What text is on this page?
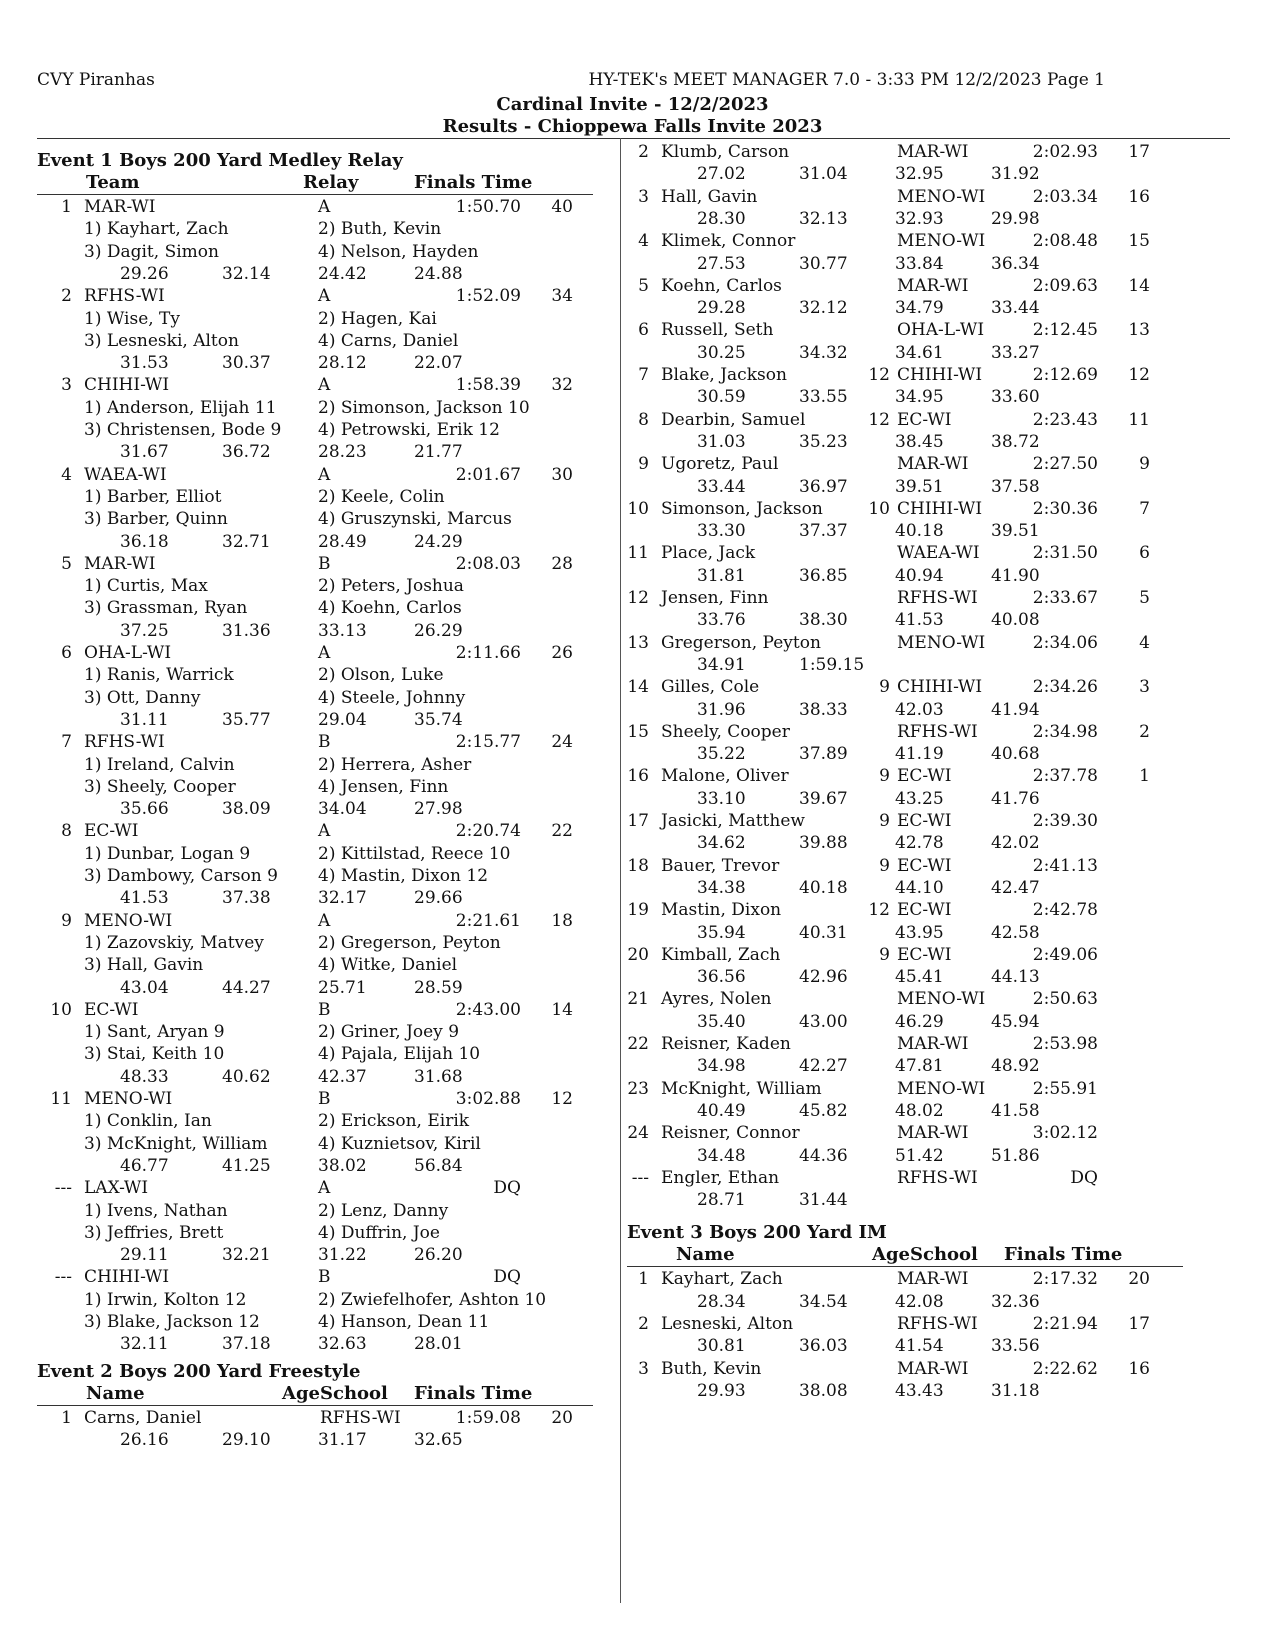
CVY Piranhas	HY-TEK's MEET MANAGER 7.0 - 3:33 PM 12/2/2023 Page 1
Cardinal Invite - 12/2/2023
Results - Chioppewa Falls Invite 2023
Event 1 Boys 200 Yard Medley Relay
Team	Relay	Finals Time
1 MAR-WI	A	1:50.70 40
1) Kayhart, Zach	2) Buth, Kevin
3) Dagit, Simon	4) Nelson, Hayden
29.26	32.14	24.42	24.88
2 RFHS-WI	A	1:52.09 34
1) Wise, Ty	2) Hagen, Kai
3) Lesneski, Alton	4) Carns, Daniel
31.53	30.37	28.12	22.07
3 CHIHI-WI	A	1:58.39 32
1) Anderson, Elijah 11 2) Simonson, Jackson 10
3) Christensen, Bode 9 4) Petrowski, Erik 12
31.67	36.72	28.23	21.77
4 WAEA-WI	A	2:01.67 30
1) Barber, Elliot	2) Keele, Colin
3) Barber, Quinn	4) Gruszynski, Marcus
36.18	32.71	28.49	24.29
5 MAR-WI	B	2:08.03 28
1) Curtis, Max	2) Peters, Joshua
3) Grassman, Ryan	4) Koehn, Carlos
37.25	31.36	33.13	26.29
6 OHA-L-WI	A	2:11.66 26
1) Ranis, Warrick	2) Olson, Luke
3) Ott, Danny	4) Steele, Johnny
31.11	35.77	29.04	35.74
7 RFHS-WI	B	2:15.77 24
1) Ireland, Calvin	2) Herrera, Asher
3) Sheely, Cooper	4) Jensen, Finn
35.66	38.09	34.04	27.98
8 EC-WI	A	2:20.74 22
1) Dunbar, Logan 9	2) Kittilstad, Reece 10
3) Dambowy, Carson 9 4) Mastin, Dixon 12
41.53	37.38	32.17	29.66
9 MENO-WI	A	2:21.61 18
1) Zazovskiy, Matvey	2) Gregerson, Peyton
3) Hall, Gavin	4) Witke, Daniel
43.04	44.27	25.71	28.59
10 EC-WI	B	2:43.00 14
1) Sant, Aryan 9	2) Griner, Joey 9
3) Stai, Keith 10	4) Pajala, Elijah 10
48.33	40.62	42.37	31.68
11 MENO-WI	B	3:02.88 12
1) Conklin, Ian	2) Erickson, Eirik
3) McKnight, William	4) Kuznietsov, Kiril
46.77	41.25	38.02	56.84
--- LAX-WI	A	DQ
1) Ivens, Nathan	2) Lenz, Danny
3) Jeffries, Brett	4) Duffrin, Joe
29.11	32.21	31.22	26.20
--- CHIHI-WI	B	DQ
1) Irwin, Kolton 12	2) Zwiefelhofer, Ashton 10
3) Blake, Jackson 12	4) Hanson, Dean 11
32.11	37.18	32.63	28.01
Event 2 Boys 200 Yard Freestyle
Name	AgeSchool Finals Time
1 Carns, Daniel	RFHS-WI	1:59.08 20
26.16	29.10	31.17	32.65
2 Klumb, Carson	MAR-WI	2:02.93 17
27.02	31.04	32.95	31.92
3 Hall, Gavin	MENO-WI	2:03.34 16
28.30	32.13	32.93	29.98
4 Klimek, Connor	MENO-WI	2:08.48 15
27.53	30.77	33.84	36.34
5 Koehn, Carlos	MAR-WI	2:09.63 14
29.28	32.12	34.79	33.44
6 Russell, Seth	OHA-L-WI	2:12.45 13
30.25	34.32	34.61	33.27
7 Blake, Jackson	12 CHIHI-WI	2:12.69 12
30.59	33.55	34.95	33.60
8 Dearbin, Samuel	12 EC-WI	2:23.43 11
31.03	35.23	38.45	38.72
9 Ugoretz, Paul	MAR-WI	2:27.50 9
33.44	36.97	39.51	37.58
10 Simonson, Jackson	10 CHIHI-WI	2:30.36 7
33.30	37.37	40.18	39.51
11 Place, Jack	WAEA-WI	2:31.50 6
31.81	36.85	40.94	41.90
12 Jensen, Finn	RFHS-WI	2:33.67 5
33.76	38.30	41.53	40.08
13 Gregerson, Peyton	MENO-WI	2:34.06 4
34.91	1:59.15
14 Gilles, Cole	9 CHIHI-WI	2:34.26 3
31.96	38.33	42.03	41.94
15 Sheely, Cooper	RFHS-WI	2:34.98 2
35.22	37.89	41.19	40.68
16 Malone, Oliver	9 EC-WI	2:37.78 1
33.10	39.67	43.25	41.76
17 Jasicki, Matthew	9 EC-WI	2:39.30
34.62	39.88	42.78	42.02
18 Bauer, Trevor	9 EC-WI	2:41.13
34.38	40.18	44.10	42.47
19 Mastin, Dixon	12 EC-WI	2:42.78
35.94	40.31	43.95	42.58
20 Kimball, Zach	9 EC-WI	2:49.06
36.56	42.96	45.41	44.13
21 Ayres, Nolen	MENO-WI	2:50.63
35.40	43.00	46.29	45.94
22 Reisner, Kaden	MAR-WI	2:53.98
34.98	42.27	47.81	48.92
23 McKnight, William	MENO-WI	2:55.91
40.49	45.82	48.02	41.58
24 Reisner, Connor	MAR-WI	3:02.12
34.48	44.36	51.42	51.86
--- Engler, Ethan	RFHS-WI	DQ
28.71	31.44
Event 3 Boys 200 Yard IM
Name	AgeSchool Finals Time
1 Kayhart, Zach	MAR-WI	2:17.32 20
28.34	34.54	42.08	32.36
2 Lesneski, Alton	RFHS-WI	2:21.94 17
30.81	36.03	41.54	33.56
3 Buth, Kevin	MAR-WI	2:22.62 16
29.93	38.08	43.43	31.18
